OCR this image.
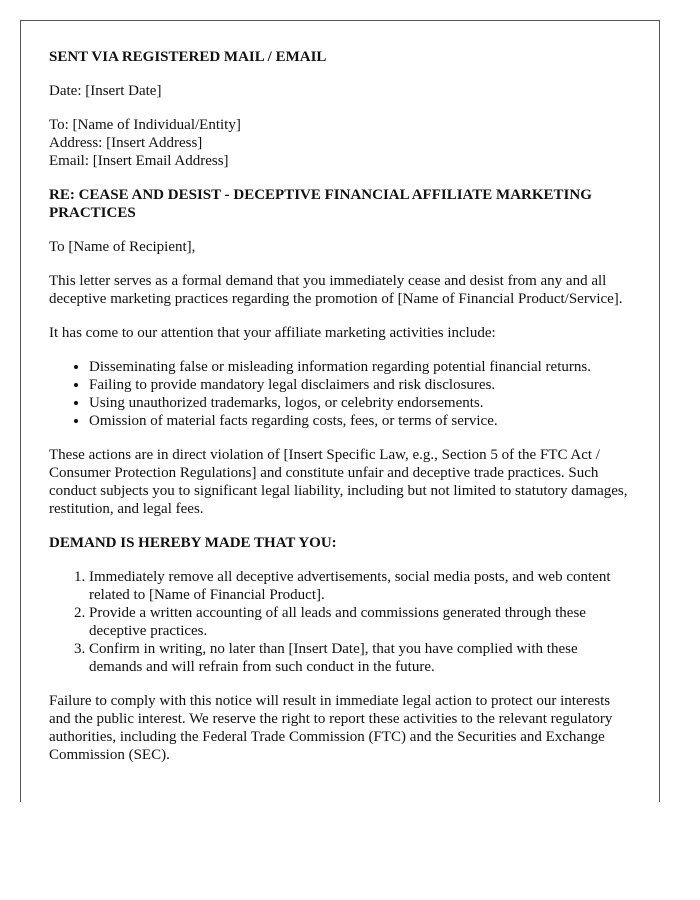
SENT VIA REGISTERED MAIL / EMAIL

Date: [Insert Date]

To: [Name of Individual/Entity]
Address: [Insert Address]
Email: [Insert Email Address]

RE: CEASE AND DESIST - DECEPTIVE FINANCIAL AFFILIATE MARKETING PRACTICES

To [Name of Recipient],

This letter serves as a formal demand that you immediately cease and desist from any and all deceptive marketing practices regarding the promotion of [Name of Financial Product/Service].

It has come to our attention that your affiliate marketing activities include:

• Disseminating false or misleading information regarding potential financial returns.
• Failing to provide mandatory legal disclaimers and risk disclosures.
• Using unauthorized trademarks, logos, or celebrity endorsements.
• Omission of material facts regarding costs, fees, or terms of service.

These actions are in direct violation of [Insert Specific Law, e.g., Section 5 of the FTC Act / Consumer Protection Regulations] and constitute unfair and deceptive trade practices. Such conduct subjects you to significant legal liability, including but not limited to statutory damages, restitution, and legal fees.

DEMAND IS HEREBY MADE THAT YOU:
1. Immediately remove all deceptive advertisements, social media posts, and web content related to [Name of Financial Product].
2. Provide a written accounting of all leads and commissions generated through these deceptive practices.
3. Confirm in writing, no later than [Insert Date], that you have complied with these demands and will refrain from such conduct in the future.

Failure to comply with this notice will result in immediate legal action to protect our interests and the public interest. We reserve the right to report these activities to the relevant regulatory authorities, including the Federal Trade Commission (FTC) and the Securities and Exchange Commission (SEC).
